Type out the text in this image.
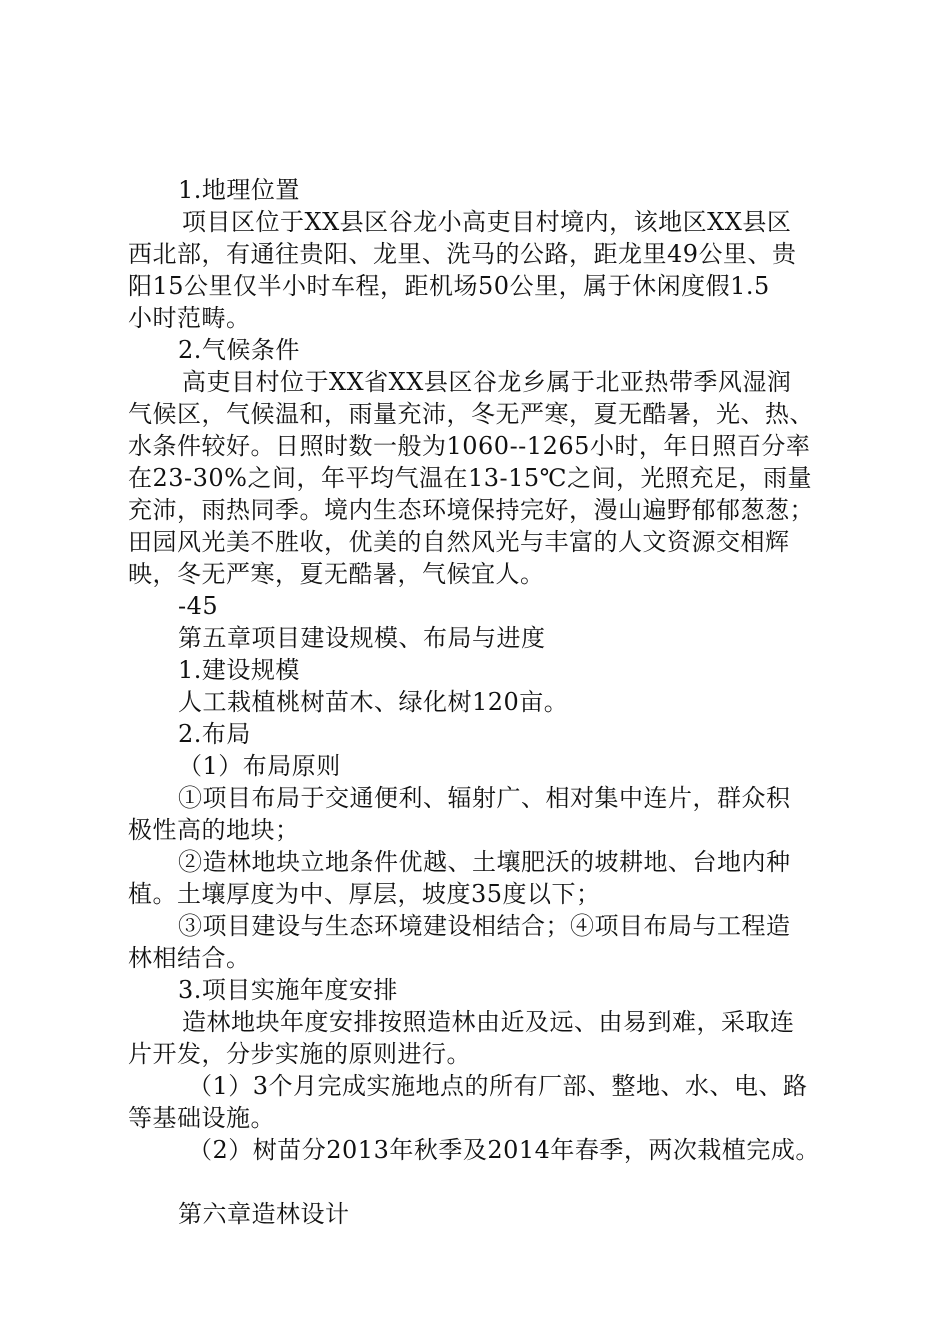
1.地理位置
项目区位于XX县区谷龙小高吏目村境内，该地区XX县区
西北部，有通往贵阳、龙里、洗马的公路，距龙里49公里、贵
阳15公里仅半小时车程，距机场50公里，属于休闲度假1.5
小时范畴。
2.气候条件
高吏目村位于XX省XX县区谷龙乡属于北亚热带季风湿润
气候区，气候温和，雨量充沛，冬无严寒，夏无酷暑，光、热、
水条件较好。日照时数一般为1060--1265小时，年日照百分率
在23-30%之间，年平均气温在13-15℃之间，光照充足，雨量
充沛，雨热同季。境内生态环境保持完好，漫山遍野郁郁葱葱；
田园风光美不胜收，优美的自然风光与丰富的人文资源交相辉
映，冬无严寒，夏无酷暑，气候宜人。
-45
第五章项目建设规模、布局与进度
1.建设规模
人工栽植桃树苗木、绿化树120亩。
2.布局
（1）布局原则
①项目布局于交通便利、辐射广、相对集中连片，群众积
极性高的地块；
②造林地块立地条件优越、土壤肥沃的坡耕地、台地内种
植。土壤厚度为中、厚层，坡度35度以下；
③项目建设与生态环境建设相结合；④项目布局与工程造
林相结合。
3.项目实施年度安排
造林地块年度安排按照造林由近及远、由易到难，采取连
片开发，分步实施的原则进行。
（1）3个月完成实施地点的所有厂部、整地、水、电、路
等基础设施。
（2）树苗分2013年秋季及2014年春季，两次栽植完成。
第六章造林设计
